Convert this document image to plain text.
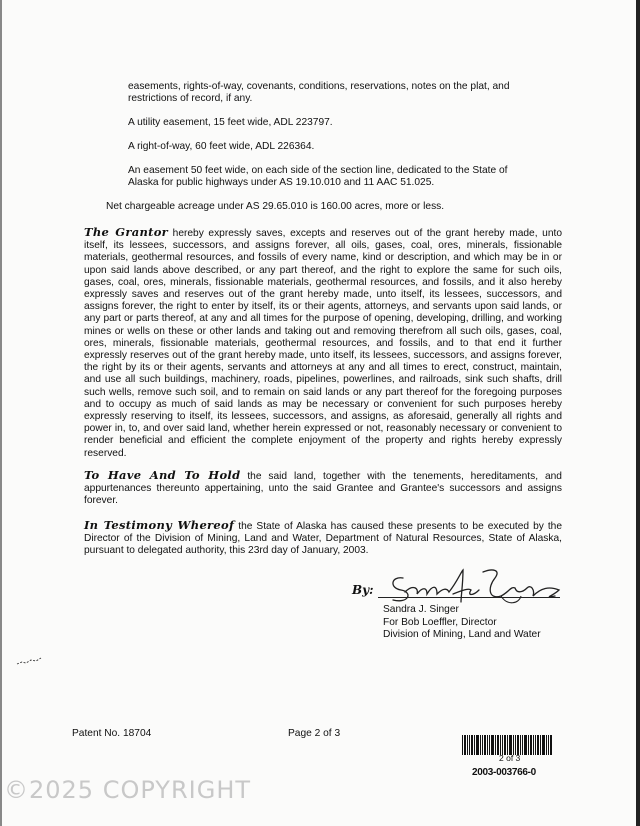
easements, rights-of-way, covenants, conditions, reservations, notes on the plat, and restrictions of record, if any.
A utility easement, 15 feet wide, ADL 223797.
A right-of-way, 60 feet wide, ADL 226364.
An easement 50 feet wide, on each side of the section line, dedicated to the State of Alaska for public highways under AS 19.10.010 and 11 AAC 51.025.
Net chargeable acreage under AS 29.65.010 is 160.00 acres, more or less.
The Grantor hereby expressly saves, excepts and reserves out of the grant hereby made, unto itself, its lessees, successors, and assigns forever, all oils, gases, coal, ores, minerals, fissionable materials, geothermal resources, and fossils of every name, kind or description, and which may be in or upon said lands above described, or any part thereof, and the right to explore the same for such oils, gases, coal, ores, minerals, fissionable materials, geothermal resources, and fossils, and it also hereby expressly saves and reserves out of the grant hereby made, unto itself, its lessees, successors, and assigns forever, the right to enter by itself, its or their agents, attorneys, and servants upon said lands, or any part or parts thereof, at any and all times for the purpose of opening, developing, drilling, and working mines or wells on these or other lands and taking out and removing therefrom all such oils, gases, coal, ores, minerals, fissionable materials, geothermal resources, and fossils, and to that end it further expressly reserves out of the grant hereby made, unto itself, its lessees, successors, and assigns forever, the right by its or their agents, servants and attorneys at any and all times to erect, construct, maintain, and use all such buildings, machinery, roads, pipelines, powerlines, and railroads, sink such shafts, drill such wells, remove such soil, and to remain on said lands or any part thereof for the foregoing purposes and to occupy as much of said lands as may be necessary or convenient for such purposes hereby expressly reserving to itself, its lessees, successors, and assigns, as aforesaid, generally all rights and power in, to, and over said land, whether herein expressed or not, reasonably necessary or convenient to render beneficial and efficient the complete enjoyment of the property and rights hereby expressly reserved.
To Have And To Hold the said land, together with the tenements, hereditaments, and appurtenances thereunto appertaining, unto the said Grantee and Grantee's successors and assigns forever.
In Testimony Whereof the State of Alaska has caused these presents to be executed by the Director of the Division of Mining, Land and Water, Department of Natural Resources, State of Alaska, pursuant to delegated authority, this 23rd day of January, 2003.
By:
Sandra J. Singer
For Bob Loeffler, Director
Division of Mining, Land and Water
Patent No. 18704	Page 2 of 3
2 of 3
2003-003766-0
©2025 COPYRIGHT
